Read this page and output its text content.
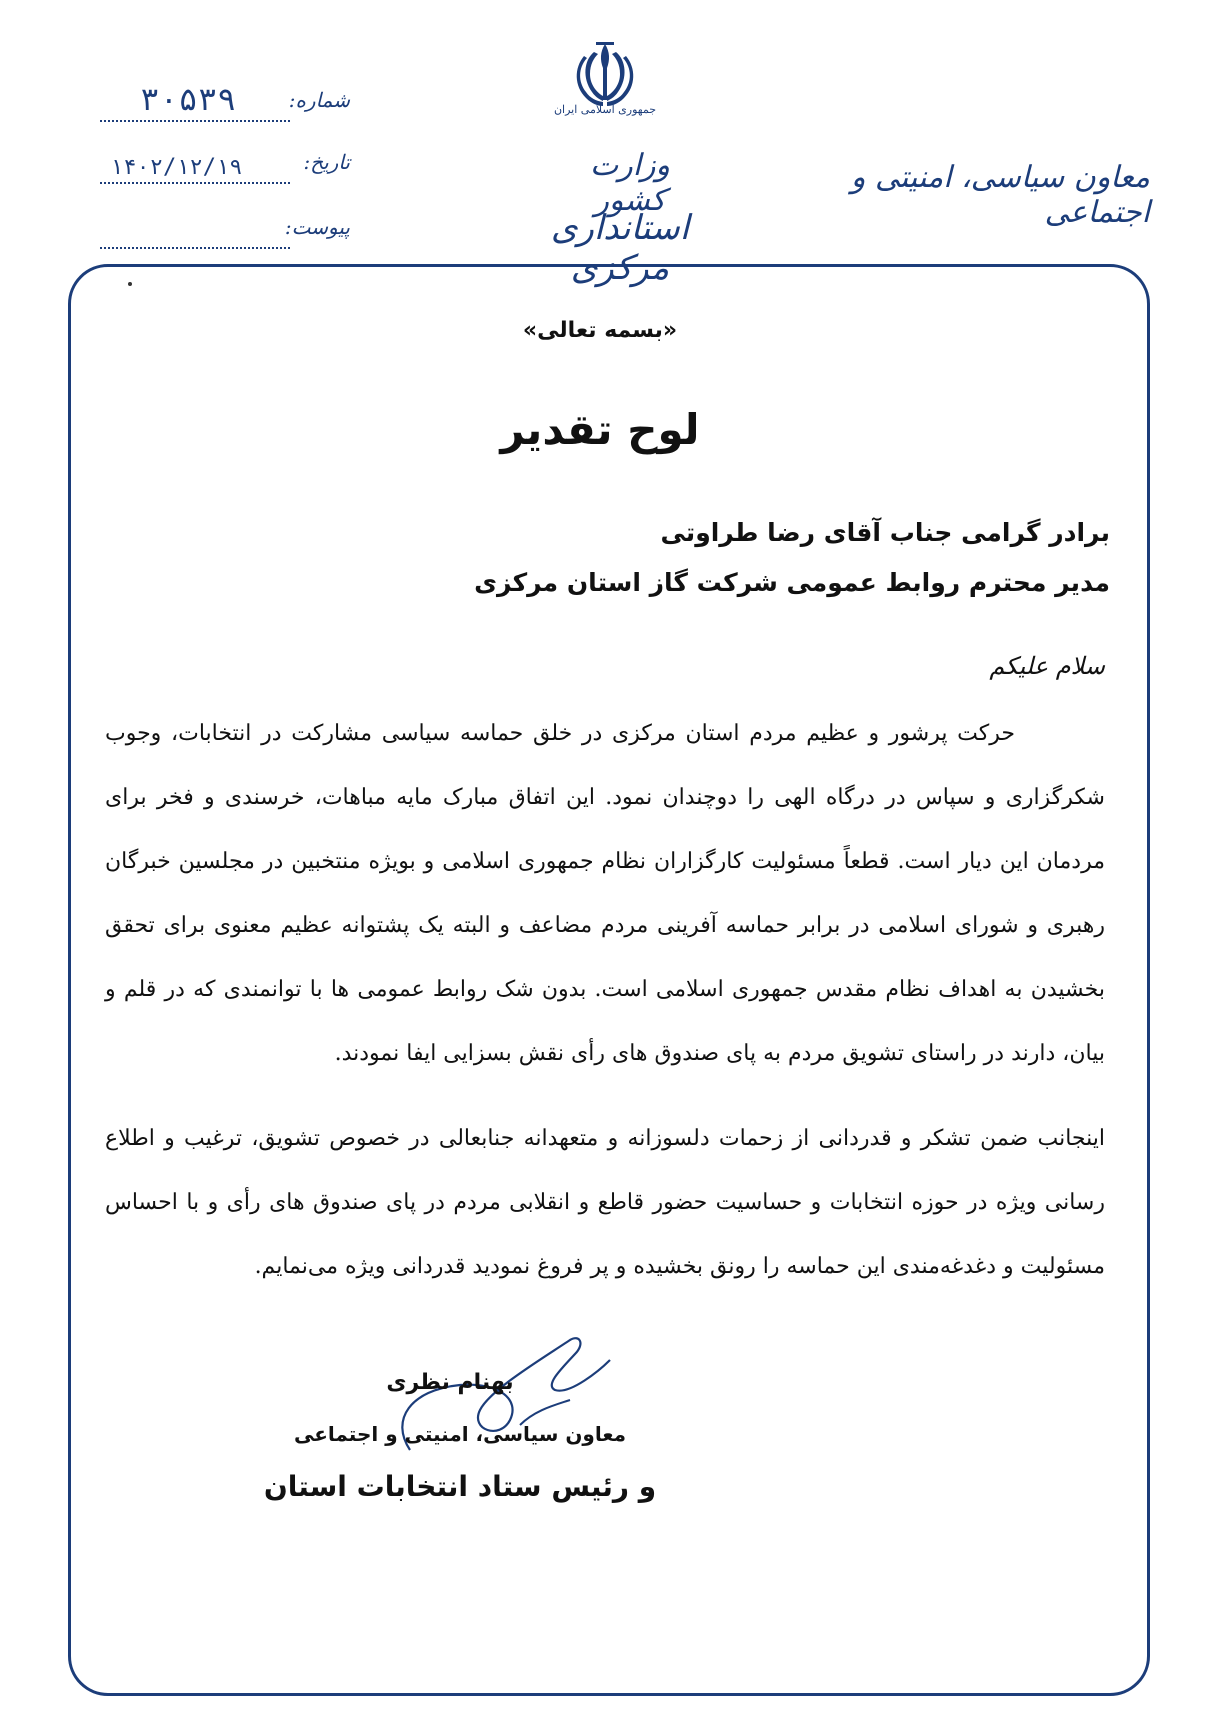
جمهوری اسلامی ایران
وزارت کشور
استانداری مرکزی
معاون سیاسی، امنیتی و اجتماعی
شماره:
۳۰۵۳۹
تاریخ:
۱۴۰۲/۱۲/۱۹
پیوست:
«بسمه تعالی»
لوح تقدیر
برادر گرامی جناب آقای رضا طراوتی
مدیر محترم روابط عمومی شرکت گاز استان مرکزی
سلام علیکم
حرکت پرشور و عظیم مردم استان مرکزی در خلق حماسه سیاسی مشارکت در انتخابات، وجوب شکرگزاری و سپاس در درگاه الهی را دوچندان نمود. این اتفاق مبارک مایه مباهات، خرسندی و فخر برای مردمان این دیار است. قطعاً مسئولیت کارگزاران نظام جمهوری اسلامی و بویژه منتخبین در مجلسین خبرگان رهبری و شورای اسلامی در برابر حماسه آفرینی مردم مضاعف و البته یک پشتوانه عظیم معنوی برای تحقق بخشیدن به اهداف نظام مقدس جمهوری اسلامی است. بدون شک روابط عمومی ها با توانمندی که در قلم و بیان، دارند در راستای تشویق مردم به پای صندوق های رأی نقش بسزایی ایفا نمودند.
اینجانب ضمن تشکر و قدردانی از زحمات دلسوزانه و متعهدانه جنابعالی در خصوص تشویق، ترغیب و اطلاع رسانی ویژه در حوزه انتخابات و حساسیت حضور قاطع و انقلابی مردم در پای صندوق های رأی و با احساس مسئولیت و دغدغه‌مندی این حماسه را رونق بخشیده و پر فروغ نمودید قدردانی ویژه می‌نمایم.
بهنام نظری
معاون سیاسی، امنیتی و اجتماعی
و رئیس ستاد انتخابات استان
